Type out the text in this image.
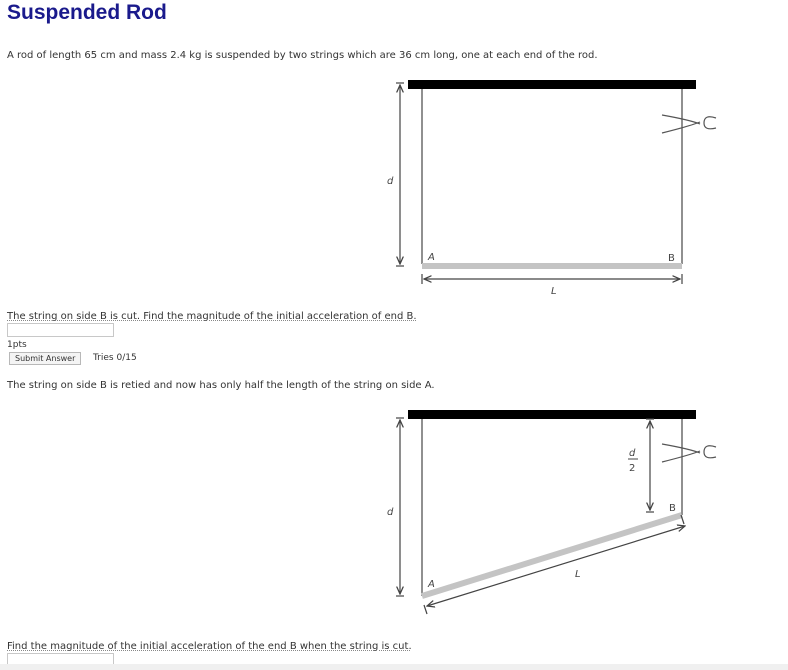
Suspended Rod
A rod of length 65 cm and mass 2.4 kg is suspended by two strings which are 36 cm long, one at each end of the rod.
d
L
A	B
The string on side B is cut. Find the magnitude of the initial acceleration of end B.
1pts
Submit Answer	Tries 0/15
The string on side B is retied and now has only half the length of the string on side A.
d
d
2
L
A
B
Find the magnitude of the initial acceleration of the end B when the string is cut.
